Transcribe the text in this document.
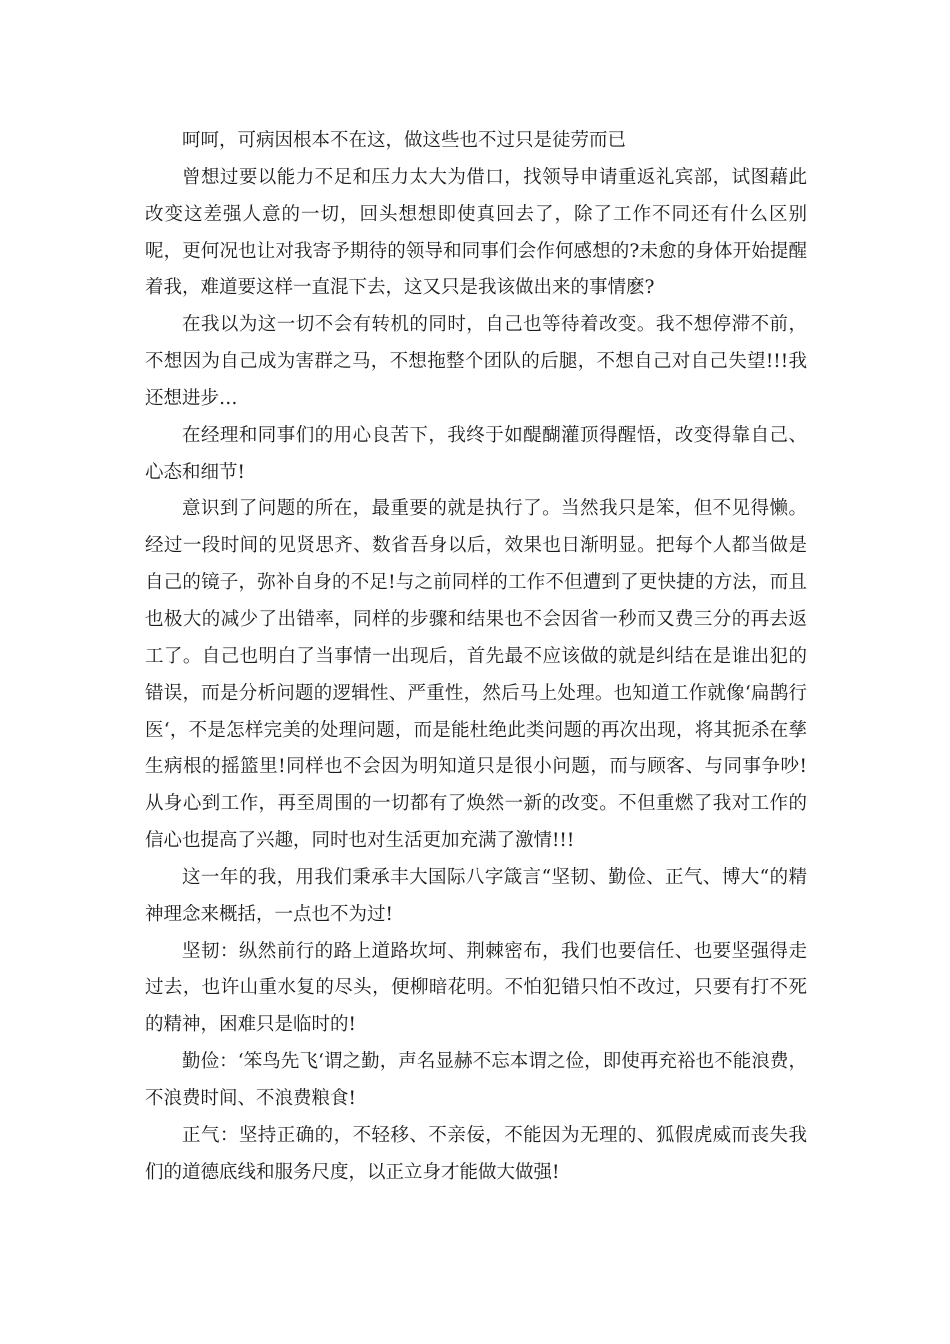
呵呵，可病因根本不在这，做这些也不过只是徒劳而已

曾想过要以能力不足和压力太大为借口，找领导申请重返礼宾部，试图藉此改变这差强人意的一切，回头想想即使真回去了，除了工作不同还有什么区别呢，更何况也让对我寄予期待的领导和同事们会作何感想的?未愈的身体开始提醒着我，难道要这样一直混下去，这又只是我该做出来的事情麽?

在我以为这一切不会有转机的同时，自己也等待着改变。我不想停滞不前，不想因为自己成为害群之马，不想拖整个团队的后腿，不想自己对自己失望!!!我还想进步…

在经理和同事们的用心良苦下，我终于如醍醐灌顶得醒悟，改变得靠自己、心态和细节!

意识到了问题的所在，最重要的就是执行了。当然我只是笨，但不见得懒。经过一段时间的见贤思齐、数省吾身以后，效果也日渐明显。把每个人都当做是自己的镜子，弥补自身的不足!与之前同样的工作不但遭到了更快捷的方法，而且也极大的减少了出错率，同样的步骤和结果也不会因省一秒而又费三分的再去返工了。自己也明白了当事情一出现后，首先最不应该做的就是纠结在是谁出犯的错误，而是分析问题的逻辑性、严重性，然后马上处理。也知道工作就像‘扁鹊行医‘，不是怎样完美的处理问题，而是能杜绝此类问题的再次出现，将其扼杀在孳生病根的摇篮里!同样也不会因为明知道只是很小问题，而与顾客、与同事争吵!从身心到工作，再至周围的一切都有了焕然一新的改变。不但重燃了我对工作的信心也提高了兴趣，同时也对生活更加充满了激情!!!

这一年的我，用我们秉承丰大国际八字箴言“坚韧、勤俭、正气、博大“的精神理念来概括，一点也不为过!

坚韧：纵然前行的路上道路坎坷、荆棘密布，我们也要信任、也要坚强得走过去，也许山重水复的尽头，便柳暗花明。不怕犯错只怕不改过，只要有打不死的精神，困难只是临时的!

勤俭：‘笨鸟先飞‘谓之勤，声名显赫不忘本谓之俭，即使再充裕也不能浪费，不浪费时间、不浪费粮食!

正气：坚持正确的，不轻移、不亲佞，不能因为无理的、狐假虎威而丧失我们的道德底线和服务尺度，以正立身才能做大做强!
